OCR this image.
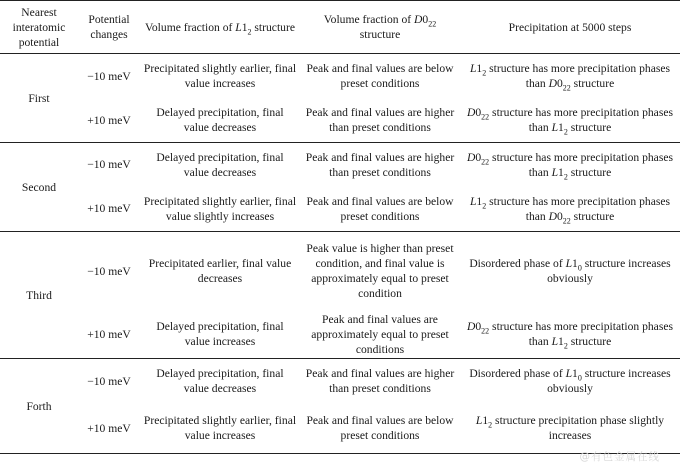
Nearest interatomic potential	Potential changes	Volume fraction of $L1_2$ structure	Volume fraction of $D0_{22}$ structure	Precipitation at 5000 steps
First	−10 meV	Precipitated slightly earlier, final value increases	Peak and final values are below preset conditions	$L1_2$ structure has more precipitation phases than $D0_{22}$ structure
	+10 meV	Delayed precipitation, final value decreases	Peak and final values are higher than preset conditions	$D0_{22}$ structure has more precipitation phases than $L1_2$ structure
Second	−10 meV	Delayed precipitation, final value decreases	Peak and final values are higher than preset conditions	$D0_{22}$ structure has more precipitation phases than $L1_2$ structure
	+10 meV	Precipitated slightly earlier, final value slightly increases	Peak and final values are below preset conditions	$L1_2$ structure has more precipitation phases than $D0_{22}$ structure
Third	−10 meV	Precipitated earlier, final value decreases	Peak value is higher than preset condition, and final value is approximately equal to preset condition	Disordered phase of $L1_0$ structure increases obviously
	+10 meV	Delayed precipitation, final value increases	Peak and final values are approximately equal to preset conditions	$D0_{22}$ structure has more precipitation phases than $L1_2$ structure
Forth	−10 meV	Delayed precipitation, final value decreases	Peak and final values are higher than preset conditions	Disordered phase of $L1_0$ structure increases obviously
	+10 meV	Precipitated slightly earlier, final value increases	Peak and final values are below preset conditions	$L1_2$ structure precipitation phase slightly increases
@有色金属在线
